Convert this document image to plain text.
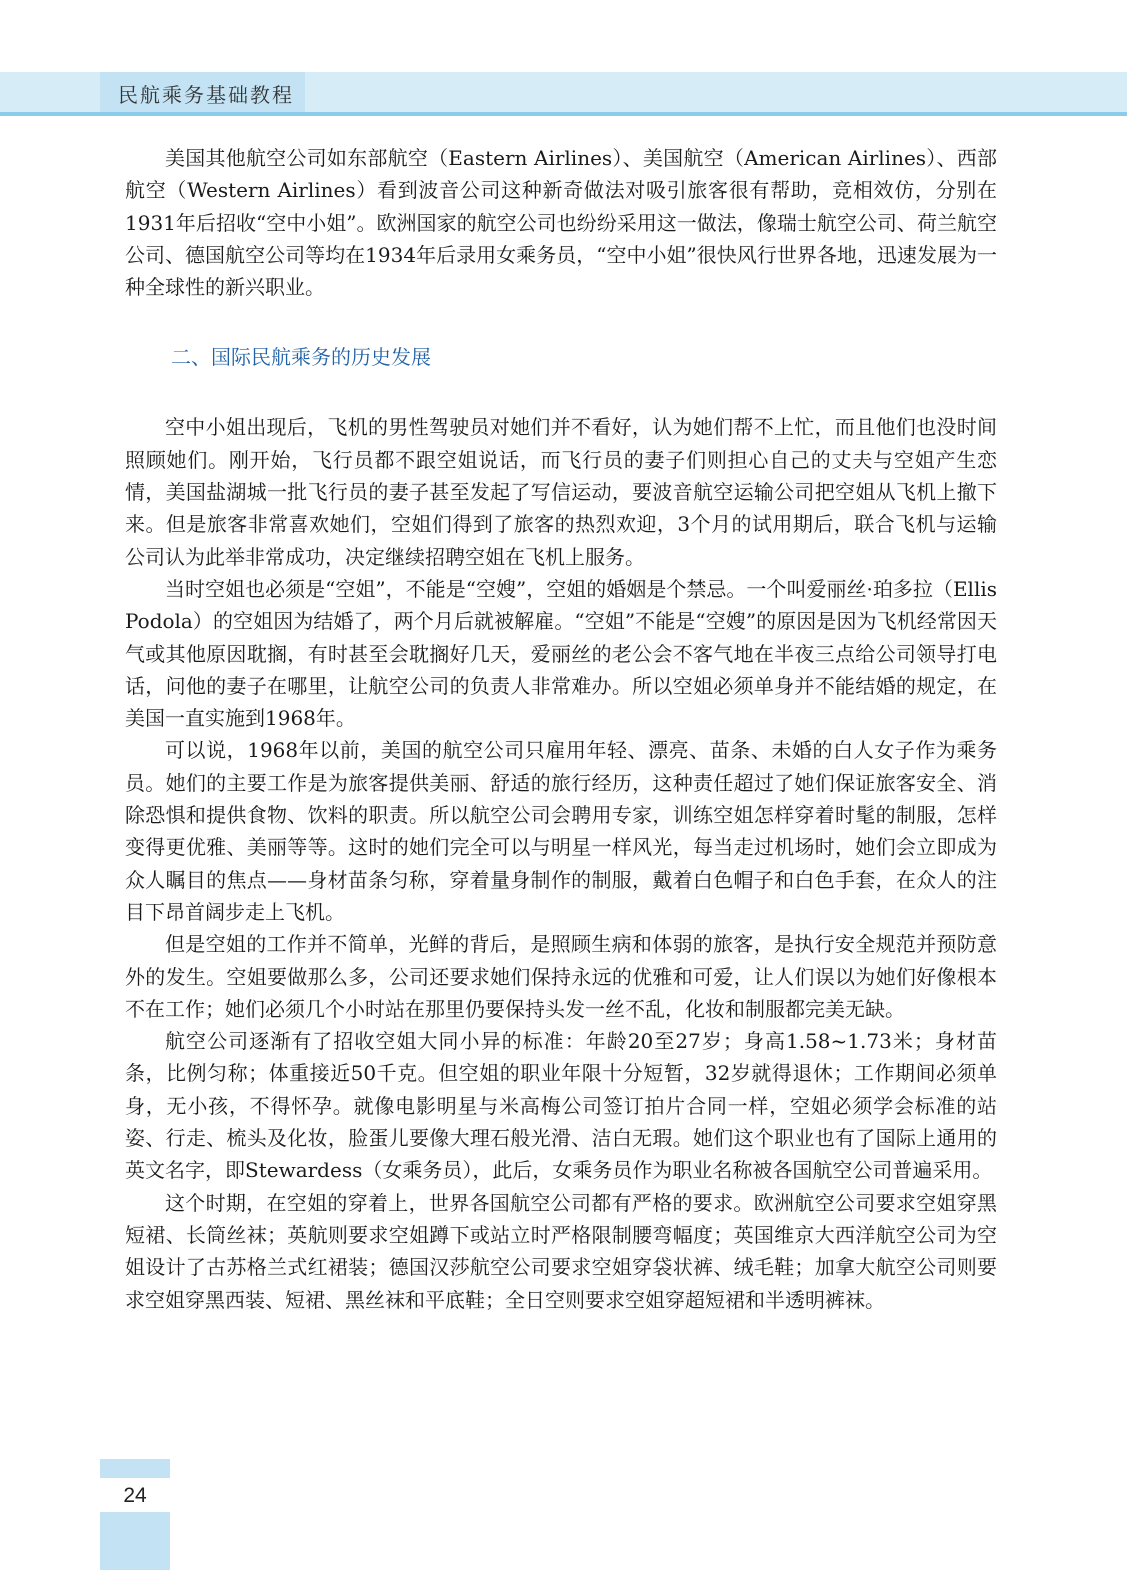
民航乘务基础教程

美国其他航空公司如东部航空（Eastern Airlines）、美国航空（American Airlines）、西部航空（Western Airlines）看到波音公司这种新奇做法对吸引旅客很有帮助，竞相效仿，分别在1931年后招收“空中小姐”。欧洲国家的航空公司也纷纷采用这一做法，像瑞士航空公司、荷兰航空公司、德国航空公司等均在1934年后录用女乘务员，“空中小姐”很快风行世界各地，迅速发展为一种全球性的新兴职业。

二、国际民航乘务的历史发展

空中小姐出现后，飞机的男性驾驶员对她们并不看好，认为她们帮不上忙，而且他们也没时间照顾她们。刚开始，飞行员都不跟空姐说话，而飞行员的妻子们则担心自己的丈夫与空姐产生恋情，美国盐湖城一批飞行员的妻子甚至发起了写信运动，要波音航空运输公司把空姐从飞机上撤下来。但是旅客非常喜欢她们，空姐们得到了旅客的热烈欢迎，3个月的试用期后，联合飞机与运输公司认为此举非常成功，决定继续招聘空姐在飞机上服务。

当时空姐也必须是“空姐”，不能是“空嫂”，空姐的婚姻是个禁忌。一个叫爱丽丝·珀多拉（Ellis Podola）的空姐因为结婚了，两个月后就被解雇。“空姐”不能是“空嫂”的原因是因为飞机经常因天气或其他原因耽搁，有时甚至会耽搁好几天，爱丽丝的老公会不客气地在半夜三点给公司领导打电话，问他的妻子在哪里，让航空公司的负责人非常难办。所以空姐必须单身并不能结婚的规定，在美国一直实施到1968年。

可以说，1968年以前，美国的航空公司只雇用年轻、漂亮、苗条、未婚的白人女子作为乘务员。她们的主要工作是为旅客提供美丽、舒适的旅行经历，这种责任超过了她们保证旅客安全、消除恐惧和提供食物、饮料的职责。所以航空公司会聘用专家，训练空姐怎样穿着时髦的制服，怎样变得更优雅、美丽等等。这时的她们完全可以与明星一样风光，每当走过机场时，她们会立即成为众人瞩目的焦点——身材苗条匀称，穿着量身制作的制服，戴着白色帽子和白色手套，在众人的注目下昂首阔步走上飞机。

但是空姐的工作并不简单，光鲜的背后，是照顾生病和体弱的旅客，是执行安全规范并预防意外的发生。空姐要做那么多，公司还要求她们保持永远的优雅和可爱，让人们误以为她们好像根本不在工作；她们必须几个小时站在那里仍要保持头发一丝不乱，化妆和制服都完美无缺。

航空公司逐渐有了招收空姐大同小异的标准：年龄20至27岁；身高1.58~1.73米；身材苗条，比例匀称；体重接近50千克。但空姐的职业年限十分短暂，32岁就得退休；工作期间必须单身，无小孩，不得怀孕。就像电影明星与米高梅公司签订拍片合同一样，空姐必须学会标准的站姿、行走、梳头及化妆，脸蛋儿要像大理石般光滑、洁白无瑕。她们这个职业也有了国际上通用的英文名字，即Stewardess（女乘务员），此后，女乘务员作为职业名称被各国航空公司普遍采用。

这个时期，在空姐的穿着上，世界各国航空公司都有严格的要求。欧洲航空公司要求空姐穿黑短裙、长筒丝袜；英航则要求空姐蹲下或站立时严格限制腰弯幅度；英国维京大西洋航空公司为空姐设计了古苏格兰式红裙装；德国汉莎航空公司要求空姐穿袋状裤、绒毛鞋；加拿大航空公司则要求空姐穿黑西装、短裙、黑丝袜和平底鞋；全日空则要求空姐穿超短裙和半透明裤袜。

24
